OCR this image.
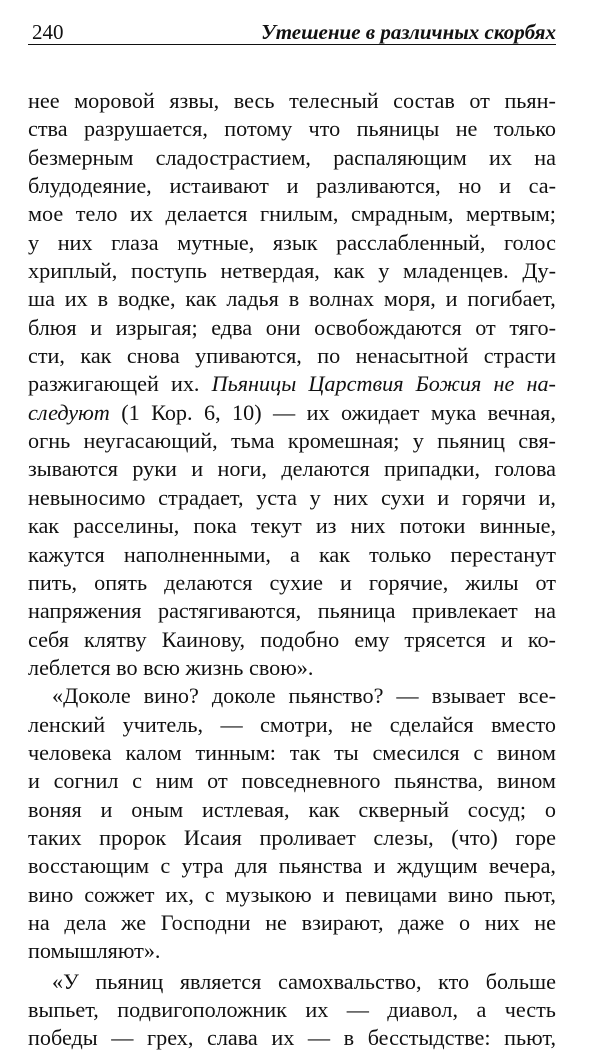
240	Утешение в различных скорбях
нее моровой язвы, весь телесный состав от пьян-
ства разрушается, потому что пьяницы не только
безмерным сладострастием, распаляющим их на
блудодеяние, истаивают и разливаются, но и са-
мое тело их делается гнилым, смрадным, мертвым;
у них глаза мутные, язык расслабленный, голос
хриплый, поступь нетвердая, как у младенцев. Ду-
ша их в водке, как ладья в волнах моря, и погибает,
блюя и изрыгая; едва они освобождаются от тяго-
сти, как снова упиваются, по ненасытной страсти
разжигающей их. Пьяницы Царствия Божия не на-
следуют (1 Кор. 6, 10) — их ожидает мука вечная,
огнь неугасающий, тьма кромешная; у пьяниц свя-
зываются руки и ноги, делаются припадки, голова
невыносимо страдает, уста у них сухи и горячи и,
как расселины, пока текут из них потоки винные,
кажутся наполненными, а как только перестанут
пить, опять делаются сухие и горячие, жилы от
напряжения растягиваются, пьяница привлекает на
себя клятву Каинову, подобно ему трясется и ко-
леблется во всю жизнь свою».
«Доколе вино? доколе пьянство? — взывает все-
ленский учитель, — смотри, не сделайся вместо
человека калом тинным: так ты смесился с вином
и согнил с ним от повседневного пьянства, вином
воняя и оным истлевая, как скверный сосуд; о
таких пророк Исаия проливает слезы, (что) горе
восстающим с утра для пьянства и ждущим вечера,
вино сожжет их, с музыкою и певицами вино пьют,
на дела же Господни не взирают, даже о них не
помышляют».
«У пьяниц является самохвальство, кто больше
выпьет, подвигоположник их — диавол, а честь
победы — грех, слава их — в бесстыдстве: пьют,
